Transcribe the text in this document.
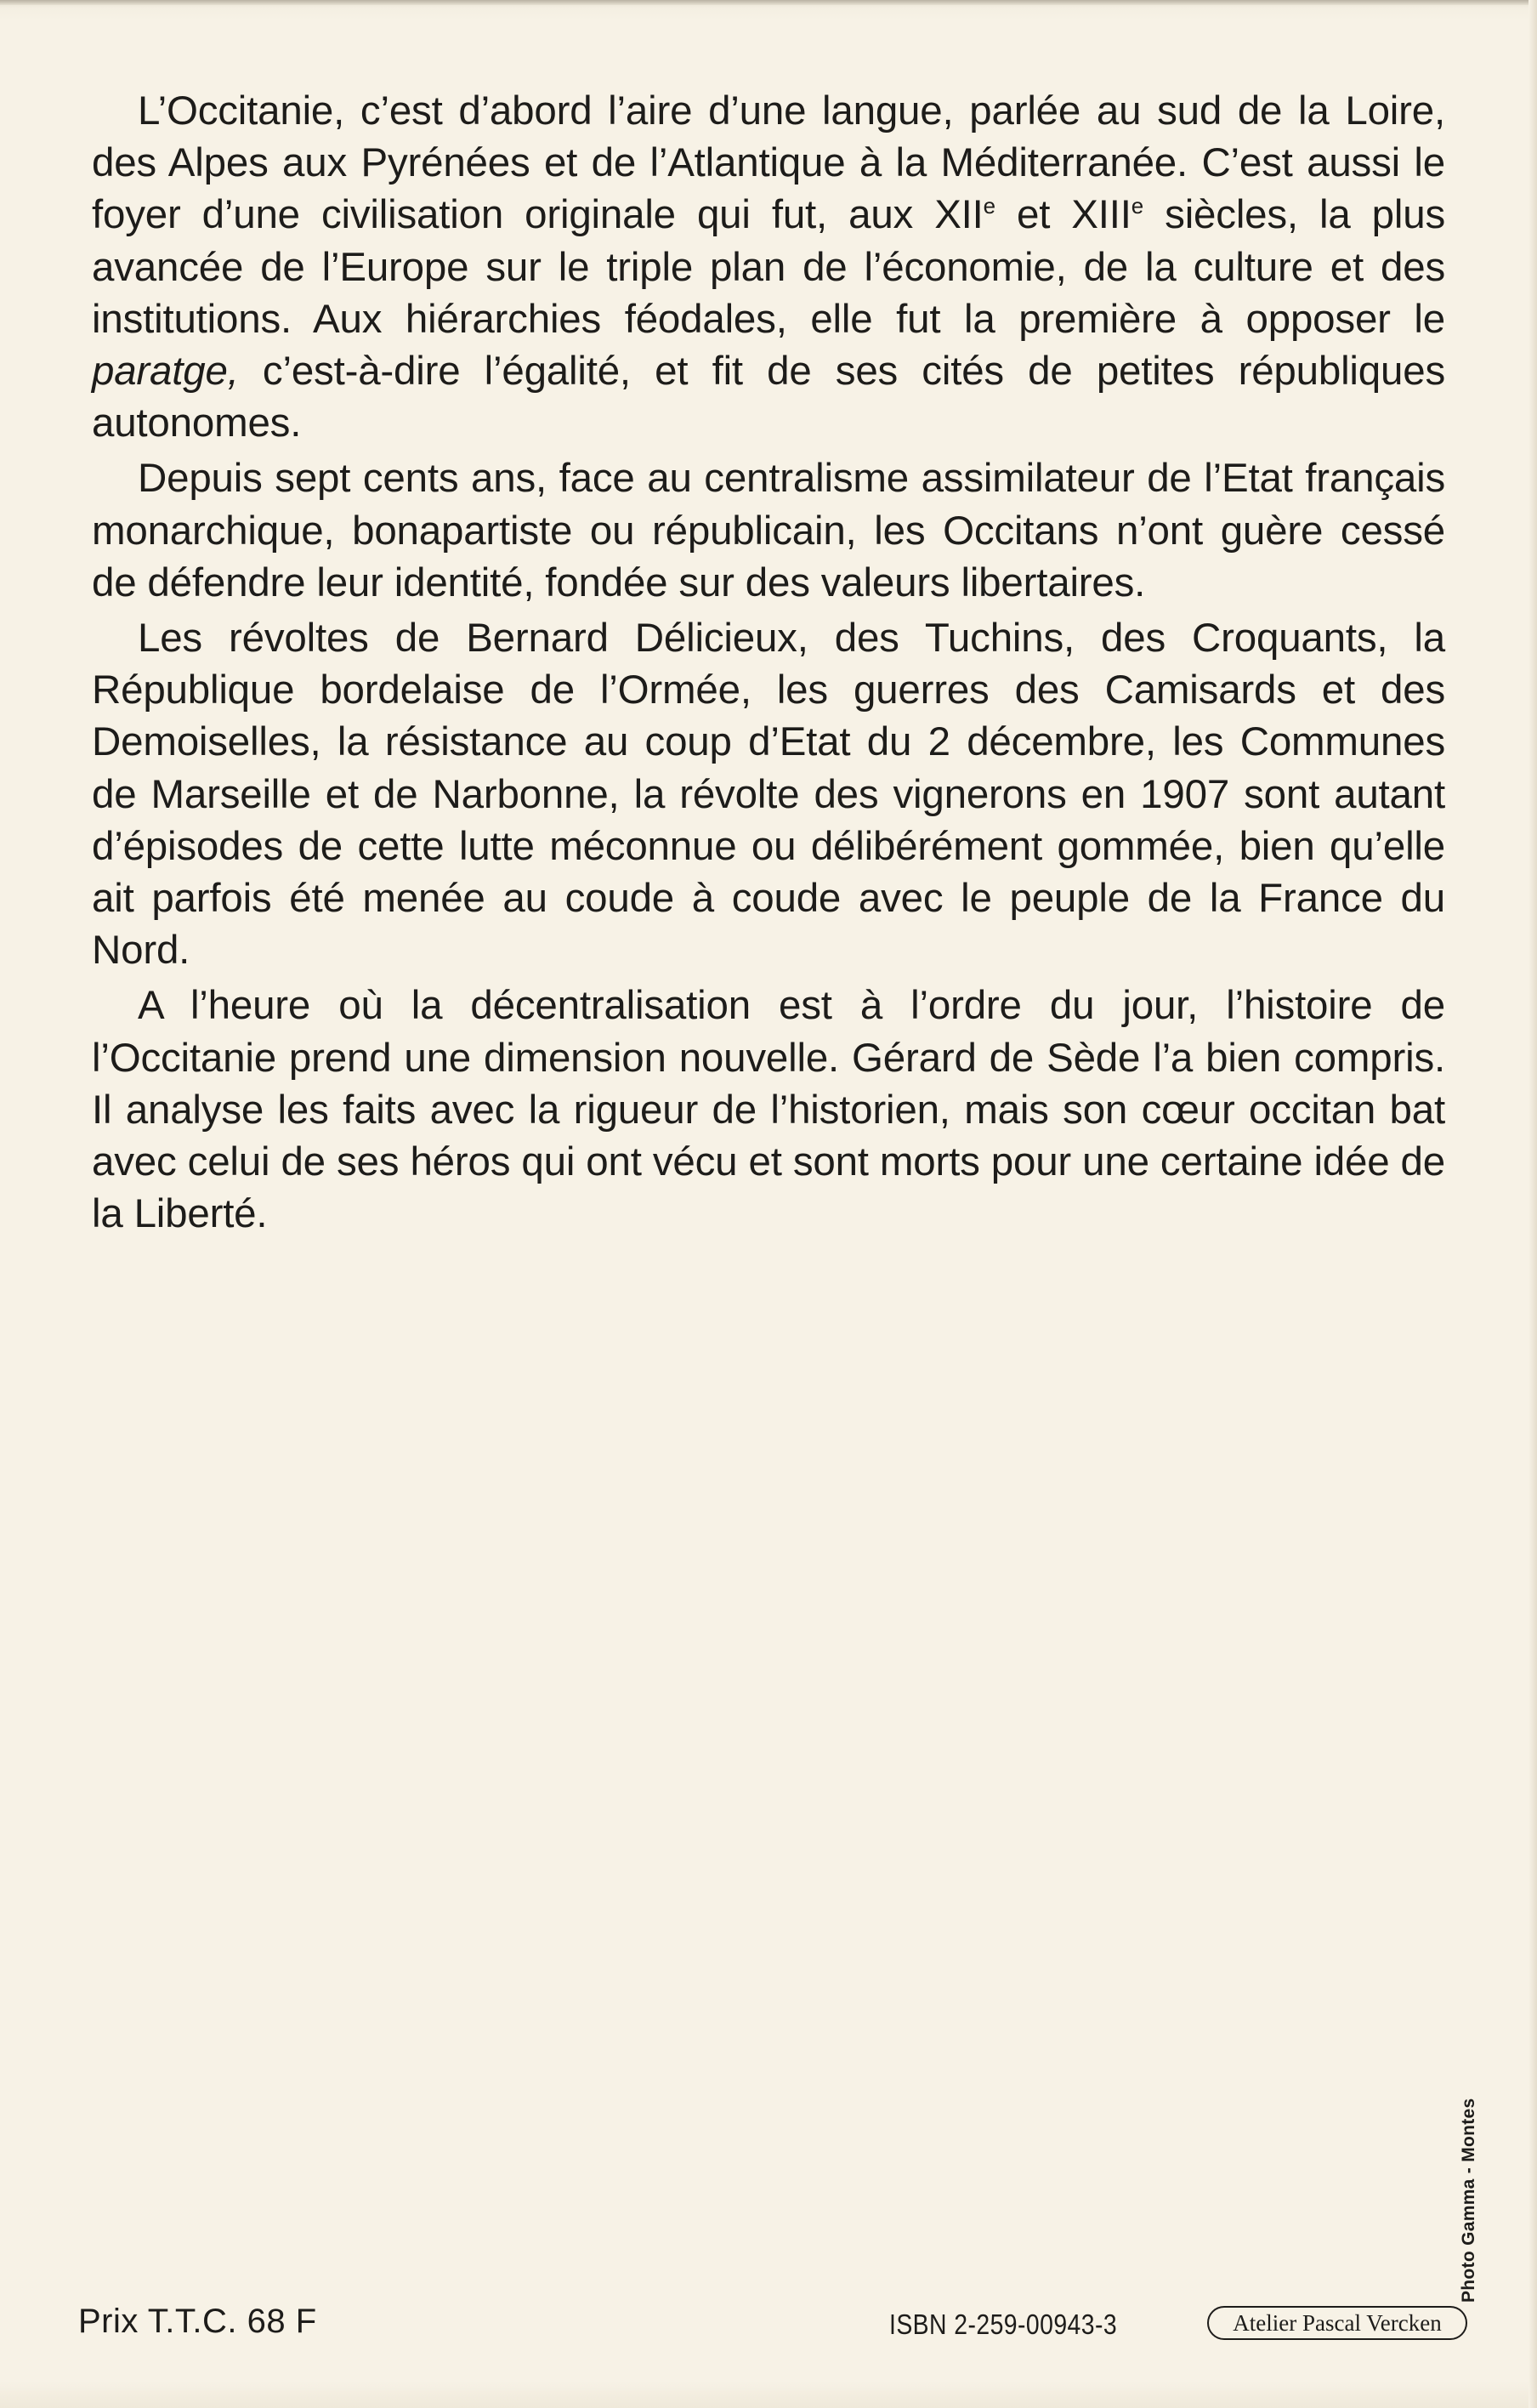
L’Occitanie, c’est d’abord l’aire d’une langue, parlée au sud de la Loire, des Alpes aux Pyrénées et de l’Atlantique à la Méditerranée. C’est aussi le foyer d’une civilisation originale qui fut, aux XIIe et XIIIe siècles, la plus avancée de l’Europe sur le triple plan de l’économie, de la culture et des institutions. Aux hiérarchies féodales, elle fut la première à opposer le paratge, c’est-à-dire l’égalité, et fit de ses cités de petites républiques autonomes.

Depuis sept cents ans, face au centralisme assimilateur de l’Etat français monarchique, bonapartiste ou républicain, les Occitans n’ont guère cessé de défendre leur identité, fondée sur des valeurs libertaires.

Les révoltes de Bernard Délicieux, des Tuchins, des Croquants, la République bordelaise de l’Ormée, les guerres des Camisards et des Demoiselles, la résistance au coup d’Etat du 2 décembre, les Communes de Marseille et de Narbonne, la révolte des vignerons en 1907 sont autant d’épisodes de cette lutte méconnue ou délibérément gommée, bien qu’elle ait parfois été menée au coude à coude avec le peuple de la France du Nord.

A l’heure où la décentralisation est à l’ordre du jour, l’histoire de l’Occitanie prend une dimension nouvelle. Gérard de Sède l’a bien compris. Il analyse les faits avec la rigueur de l’historien, mais son cœur occitan bat avec celui de ses héros qui ont vécu et sont morts pour une certaine idée de la Liberté.

Photo Gamma - Montes
Prix T.T.C. 68 F	ISBN 2-259-00943-3	Atelier Pascal Vercken
